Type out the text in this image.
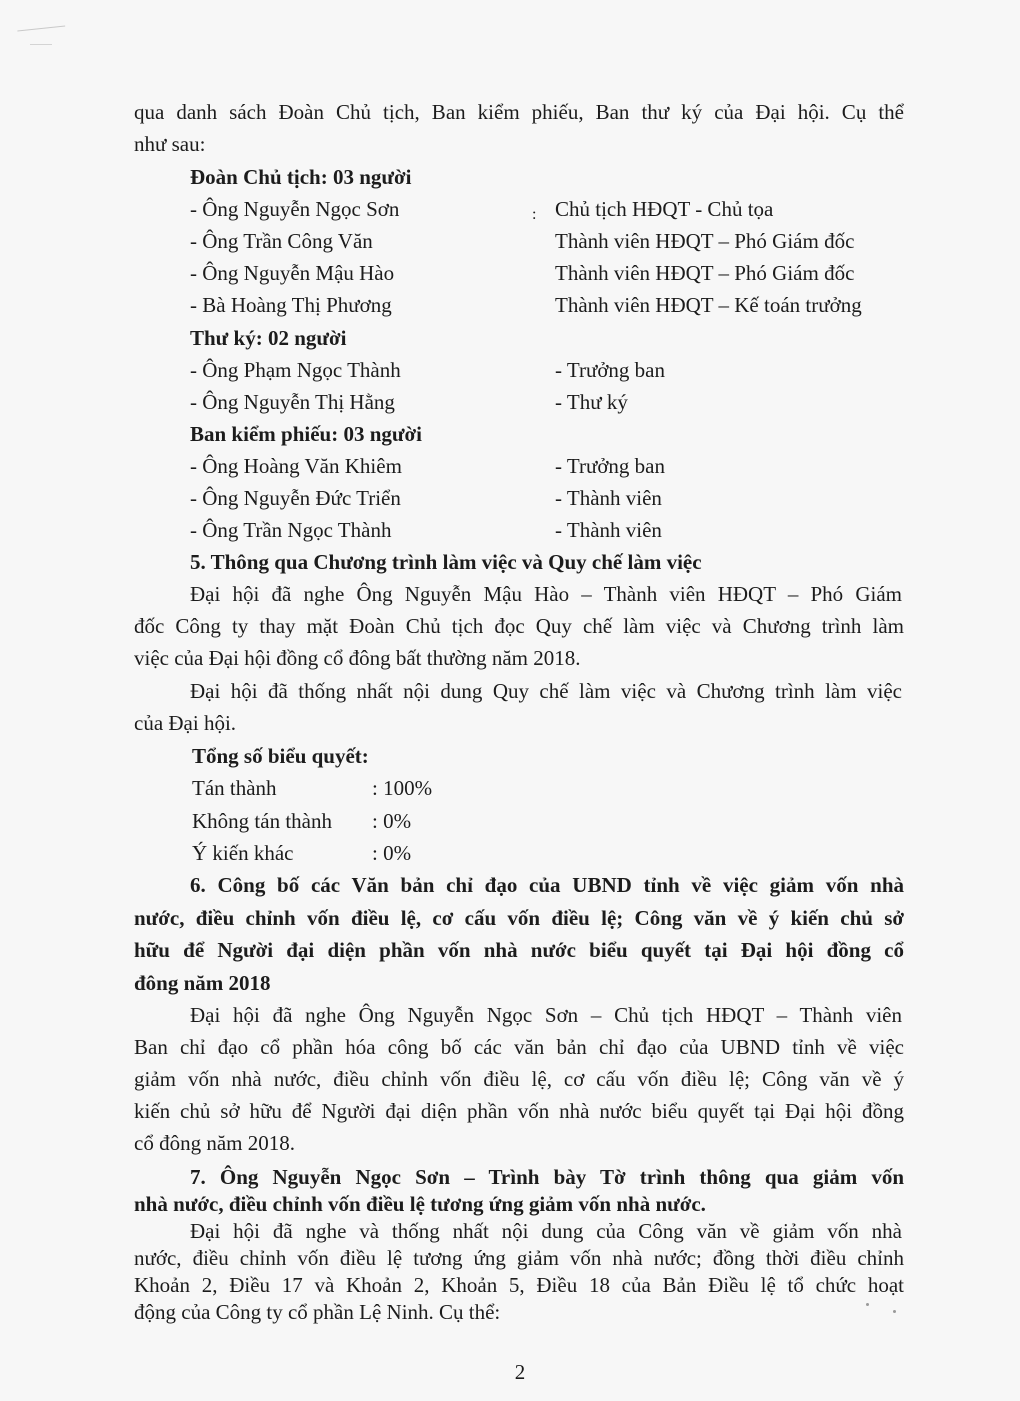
qua danh sách Đoàn Chủ tịch, Ban kiểm phiếu, Ban thư ký của Đại hội. Cụ thể
như sau:
Đoàn Chủ tịch: 03 người
- Ông Nguyễn Ngọc Sơn	: Chủ tịch HĐQT - Chủ tọa
- Ông Trần Công Văn	Thành viên HĐQT – Phó Giám đốc
- Ông Nguyễn Mậu Hào	Thành viên HĐQT – Phó Giám đốc
- Bà Hoàng Thị Phương	Thành viên HĐQT – Kế toán trưởng
Thư ký: 02 người
- Ông Phạm Ngọc Thành	- Trưởng ban
- Ông Nguyễn Thị Hằng	- Thư ký
Ban kiểm phiếu: 03 người
- Ông Hoàng Văn Khiêm	- Trưởng ban
- Ông Nguyễn Đức Triển	- Thành viên
- Ông Trần Ngọc Thành	- Thành viên
5. Thông qua Chương trình làm việc và Quy chế làm việc
Đại hội đã nghe Ông Nguyễn Mậu Hào – Thành viên HĐQT – Phó Giám
đốc Công ty thay mặt Đoàn Chủ tịch đọc Quy chế làm việc và Chương trình làm
việc của Đại hội đồng cổ đông bất thường năm 2018.
Đại hội đã thống nhất nội dung Quy chế làm việc và Chương trình làm việc
của Đại hội.
Tổng số biểu quyết:
Tán thành	: 100%
Không tán thành : 0%
Ý kiến khác	: 0%
6. Công bố các Văn bản chỉ đạo của UBND tỉnh về việc giảm vốn nhà
nước, điều chỉnh vốn điều lệ, cơ cấu vốn điều lệ; Công văn về ý kiến chủ sở
hữu để Người đại diện phần vốn nhà nước biểu quyết tại Đại hội đồng cổ
đông năm 2018
Đại hội đã nghe Ông Nguyễn Ngọc Sơn – Chủ tịch HĐQT – Thành viên
Ban chỉ đạo cổ phần hóa công bố các văn bản chỉ đạo của UBND tỉnh về việc
giảm vốn nhà nước, điều chỉnh vốn điều lệ, cơ cấu vốn điều lệ; Công văn về ý
kiến chủ sở hữu để Người đại diện phần vốn nhà nước biểu quyết tại Đại hội đồng
cổ đông năm 2018.
7. Ông Nguyễn Ngọc Sơn – Trình bày Tờ trình thông qua giảm vốn
nhà nước, điều chỉnh vốn điều lệ tương ứng giảm vốn nhà nước.
Đại hội đã nghe và thống nhất nội dung của Công văn về giảm vốn nhà
nước, điều chỉnh vốn điều lệ tương ứng giảm vốn nhà nước; đồng thời điều chỉnh
Khoản 2, Điều 17 và Khoản 2, Khoản 5, Điều 18 của Bản Điều lệ tổ chức hoạt
động của Công ty cổ phần Lệ Ninh. Cụ thể:
2
